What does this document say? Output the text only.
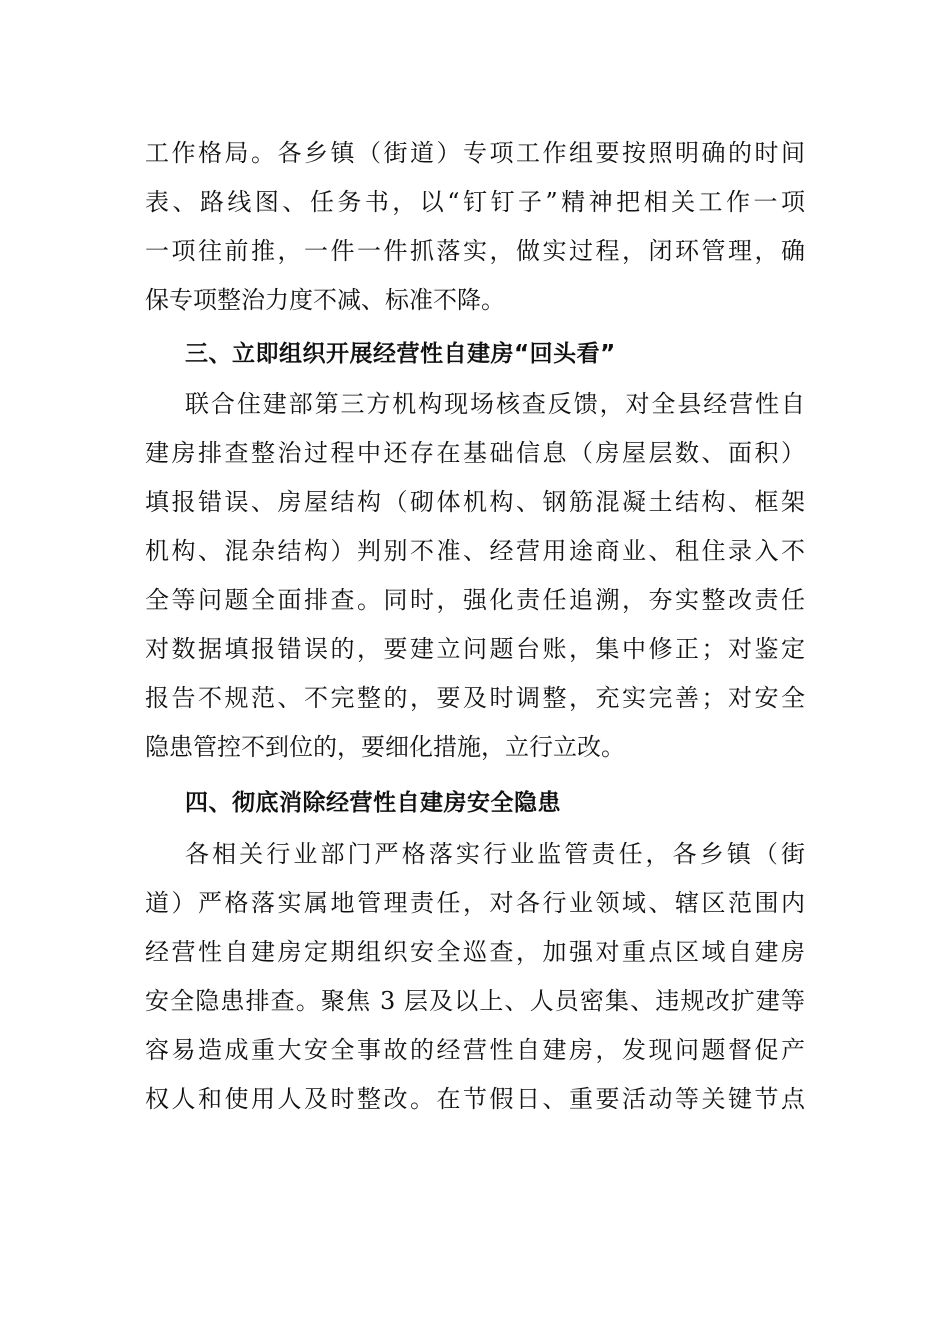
工作格局。各乡镇（街道）专项工作组要按照明确的时间
表、路线图、任务书，以“钉钉子”精神把相关工作一项
一项往前推，一件一件抓落实，做实过程，闭环管理，确
保专项整治力度不减、标准不降。
三、立即组织开展经营性自建房“回头看”
联合住建部第三方机构现场核查反馈，对全县经营性自
建房排查整治过程中还存在基础信息（房屋层数、面积）
填报错误、房屋结构（砌体机构、钢筋混凝土结构、框架
机构、混杂结构）判别不准、经营用途商业、租住录入不
全等问题全面排查。同时，强化责任追溯，夯实整改责任
对数据填报错误的，要建立问题台账，集中修正；对鉴定
报告不规范、不完整的，要及时调整，充实完善；对安全
隐患管控不到位的，要细化措施，立行立改。
四、彻底消除经营性自建房安全隐患
各相关行业部门严格落实行业监管责任，各乡镇（街
道）严格落实属地管理责任，对各行业领域、辖区范围内
经营性自建房定期组织安全巡查，加强对重点区域自建房
安全隐患排查。聚焦 3 层及以上、人员密集、违规改扩建等
容易造成重大安全事故的经营性自建房，发现问题督促产
权人和使用人及时整改。在节假日、重要活动等关键节点
